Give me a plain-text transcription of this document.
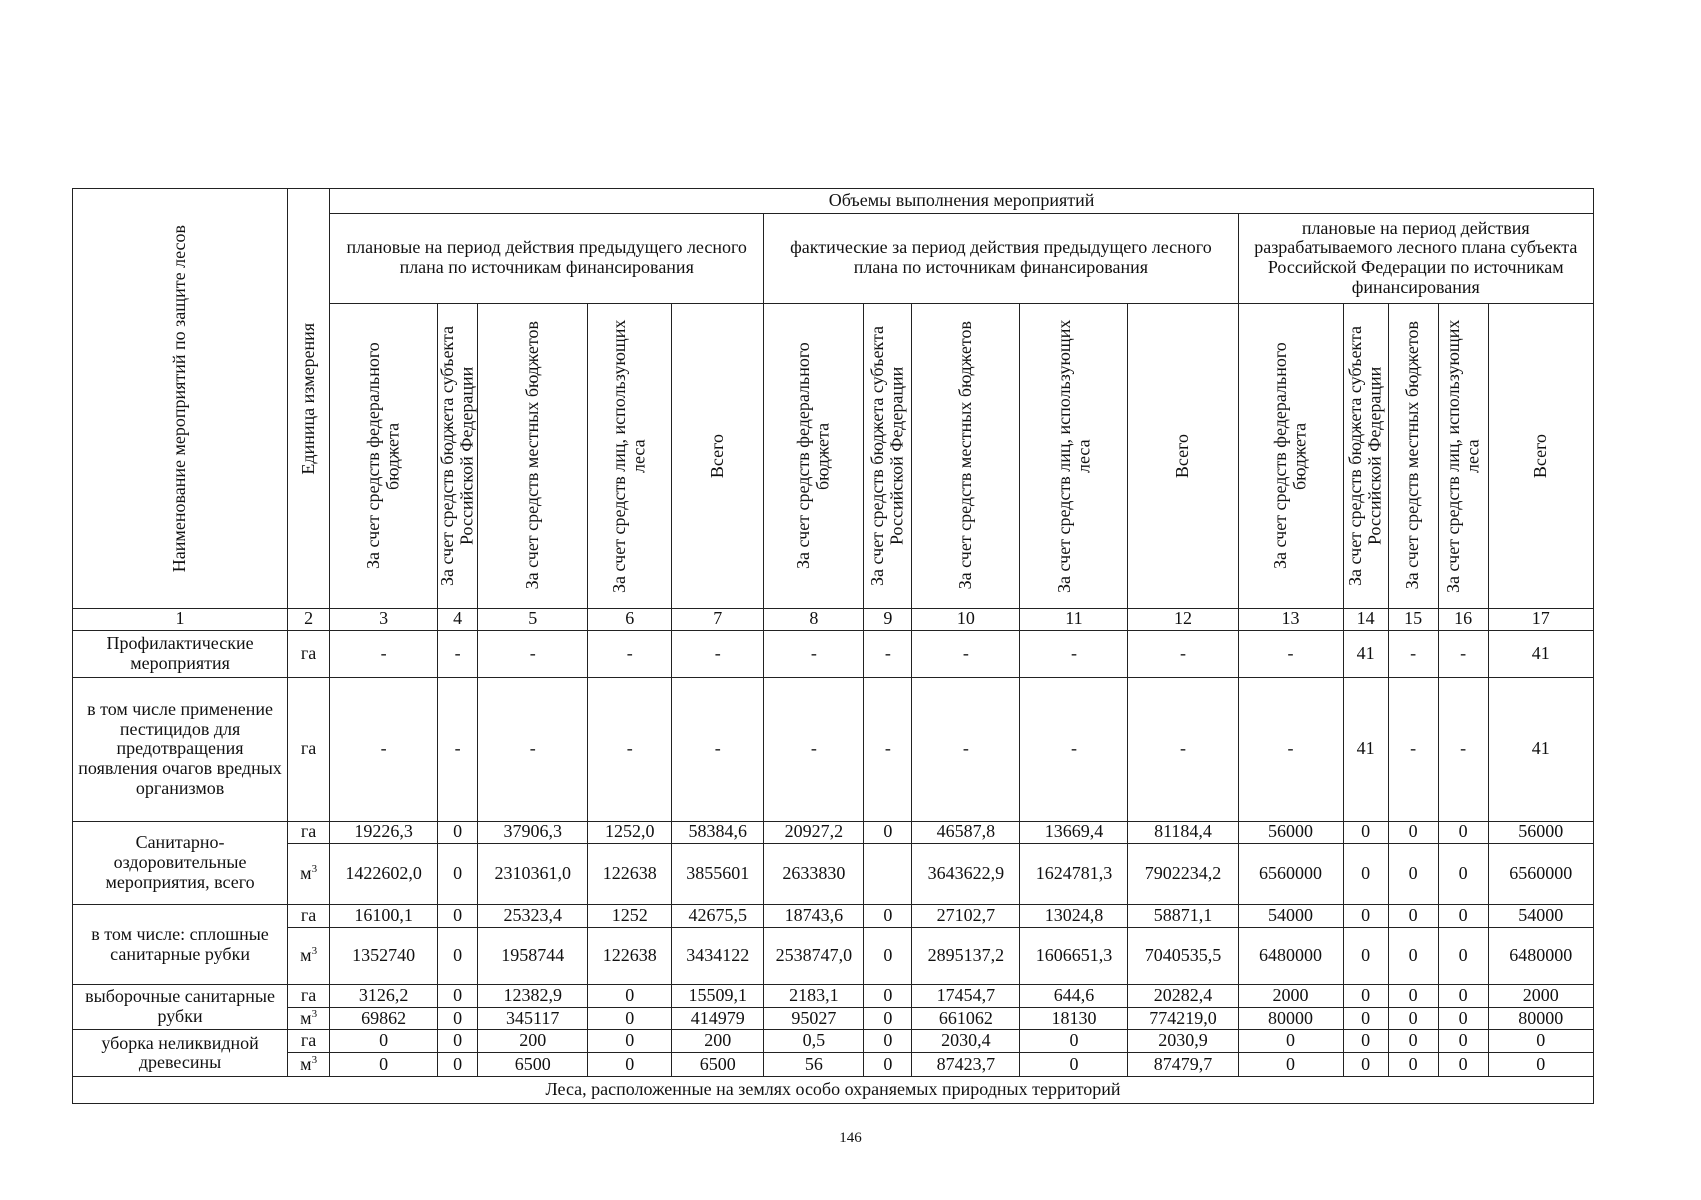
Наименование мероприятий по защите лесов	Единица измерения	Объемы выполнения мероприятий														
		плановые на период действия предыдущего лесного плана по источникам финансирования					фактические за период действия предыдущего лесного плана по источникам финансирования					плановые на период действия разрабатываемого лесного плана субъекта Российской Федерации по источникам финансирования				

		За счет средств федерального бюджета	За счет средств бюджета субъекта Российской Федерации	За счет средств местных бюджетов	За счет средств лиц, использующих леса	Всего	За счет средств федерального бюджета	За счет средств бюджета субъекта Российской Федерации	За счет средств местных бюджетов	За счет средств лиц, использующих леса	Всего	За счет средств федерального бюджета	За счет средств бюджета субъекта Российской Федерации	За счет средств местных бюджетов	За счет средств лиц, использующих леса	Всего

1	2	3	4	5	6	7	8	9	10	11	12	13	14	15	16	17
Профилактические мероприятия	га	-	-	-	-	-	-	-	-	-	-	-	41	-	-	41
в том числе применение пестицидов для предотвращения появления очагов вредных организмов	га	-	-	-	-	-	-	-	-	-	-	-	41	-	-	41
Санитарно-оздоровительные мероприятия, всего	га	19226,3	0	37906,3	1252,0	58384,6	20927,2	0	46587,8	13669,4	81184,4	56000	0	0	0	56000
	$м^3$	1422602,0	0	2310361,0	122638	3855601	2633830		3643622,9	1624781,3	7902234,2	6560000	0	0	0	6560000
в том числе: сплошные санитарные рубки	га	16100,1	0	25323,4	1252	42675,5	18743,6	0	27102,7	13024,8	58871,1	54000	0	0	0	54000
	$м^3$	1352740	0	1958744	122638	3434122	2538747,0	0	2895137,2	1606651,3	7040535,5	6480000	0	0	0	6480000
выборочные санитарные рубки	га	3126,2	0	12382,9	0	15509,1	2183,1	0	17454,7	644,6	20282,4	2000	0	0	0	2000
	$м^3$	69862	0	345117	0	414979	95027	0	661062	18130	774219,0	80000	0	0	0	80000
уборка неликвидной древесины	га	0	0	200	0	200	0,5	0	2030,4	0	2030,9	0	0	0	0	0
	$м^3$	0	0	6500	0	6500	56	0	87423,7	0	87479,7	0	0	0	0	0
Леса, расположенные на землях особо охраняемых природных территорий																
146
